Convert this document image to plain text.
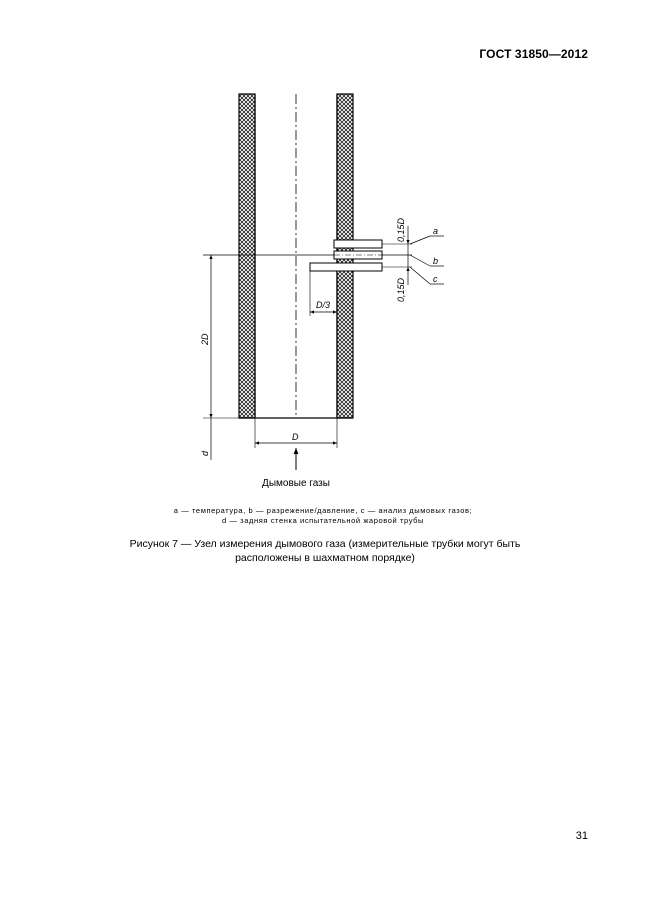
ГОСТ 31850—2012
0,15D
0,15D
a
b
c
D/3
2D
d
D
Дымовые газы
a — температура, b — разрежение/давление, c — анализ дымовых газов;
d — задняя стенка испытательной жаровой трубы
Рисунок 7 — Узел измерения дымового газа (измерительные трубки могут быть
расположены в шахматном порядке)
31
